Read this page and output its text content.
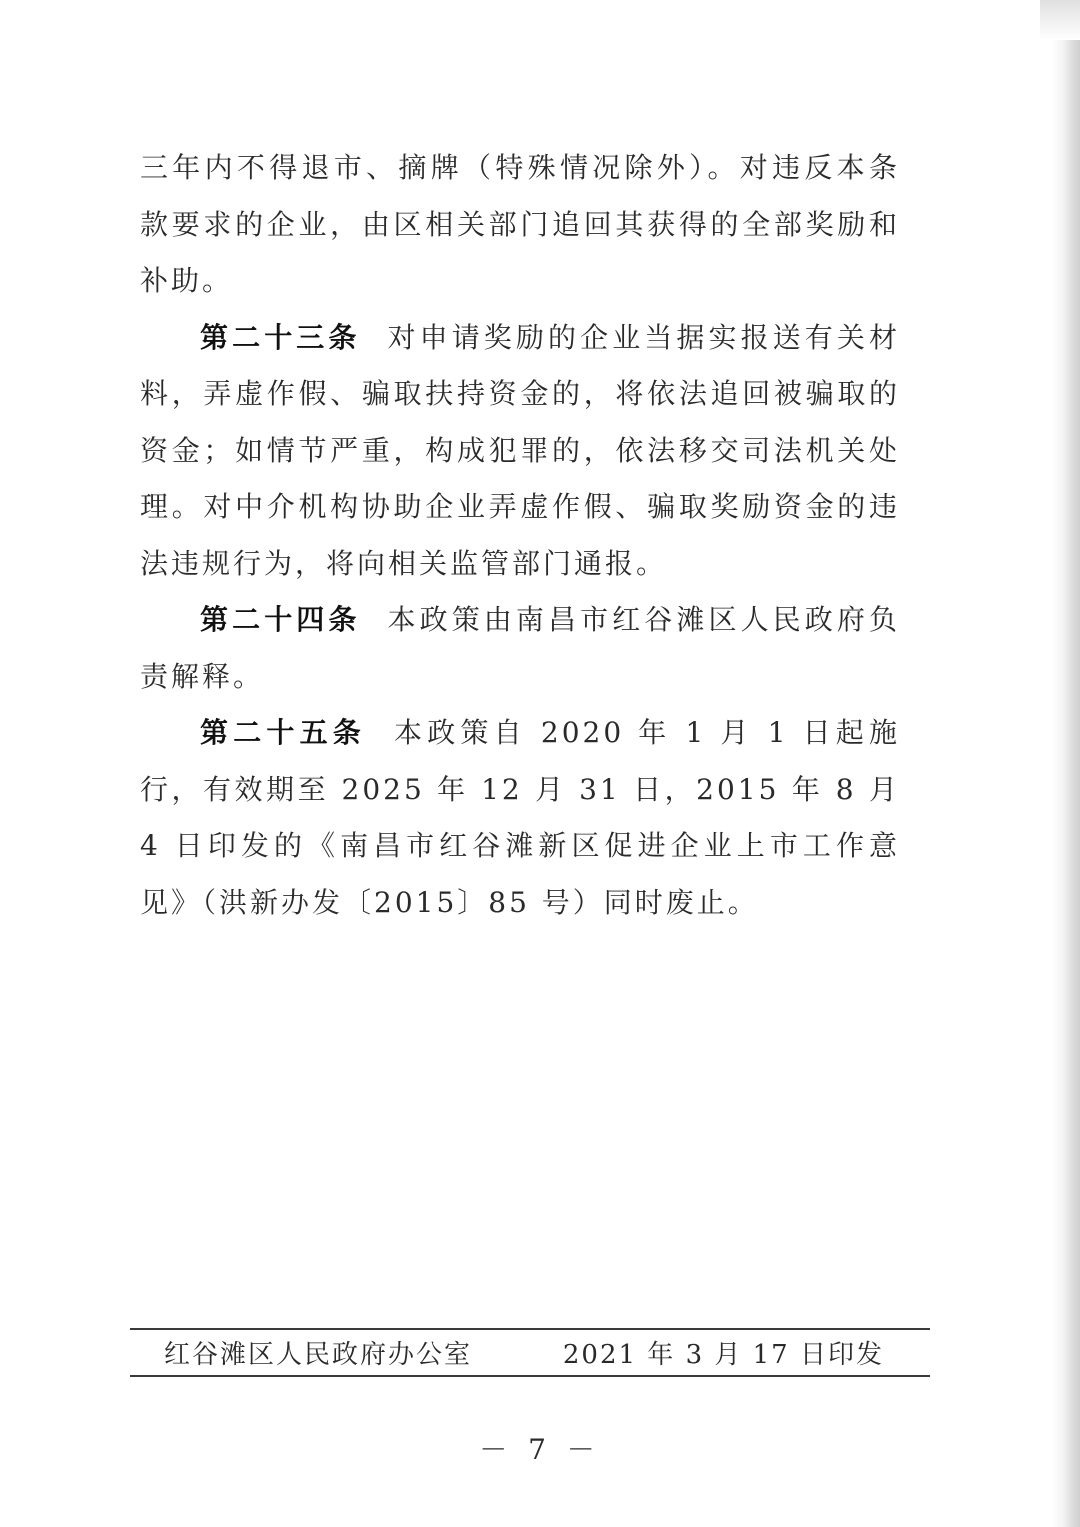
三年内不得退市、摘牌（特殊情况除外）。对违反本条款要求的企业，由区相关部门追回其获得的全部奖励和补助。

第二十三条 对申请奖励的企业当据实报送有关材料，弄虚作假、骗取扶持资金的，将依法追回被骗取的资金；如情节严重，构成犯罪的，依法移交司法机关处理。对中介机构协助企业弄虚作假、骗取奖励资金的违法违规行为，将向相关监管部门通报。

第二十四条 本政策由南昌市红谷滩区人民政府负责解释。

第二十五条 本政策自 2020 年 1 月 1 日起施行，有效期至 2025 年 12 月 31 日，2015 年 8 月 4 日印发的《南昌市红谷滩新区促进企业上市工作意见》（洪新办发〔2015〕85 号）同时废止。

红谷滩区人民政府办公室	2021 年 3 月 17 日印发
－ 7 －
